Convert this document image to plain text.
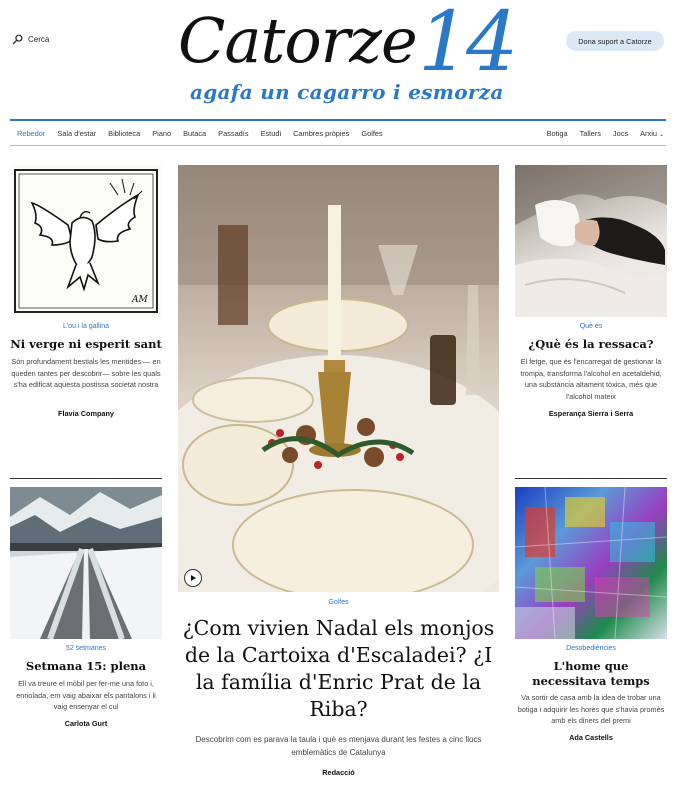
Cerca Catorze 14
agafa un cagarro i esmorza
Dona suport a Catorze
Rebedor Sala d'estar Biblioteca Piano Butaca Passadís Estudi Cambres pròpies Golfes	Botiga Tallers Jocs Arxiu ⌄
AM
L'ou i la gallina
Ni verge ni esperit sant
Són profundament bestials les mentides — en queden tantes per descobrir— sobre les quals s'ha edificat aquesta postissa societat nostra
Flavia Company
Què és
¿Què és la ressaca?
El fetge, que és l'encarregat de gestionar la trompa, transforma l'alcohol en acetaldehid, una substància altament tòxica, més que l'alcohol mateix
Esperança Sierra i Serra
Golfes
¿Com vivien Nadal els monjos de la Cartoixa d'Escaladei? ¿I la família d'Enric Prat de la Riba?
Descobrim com es parava la taula i què es menjava durant les festes a cinc llocs emblemàtics de Catalunya
Redacció
52 setmanes
Setmana 15: plena
Ell va treure el mòbil per fer-me una foto i, enriolada, em vaig abaixar els pantalons i li vaig ensenyar el cul
Carlota Gurt
Desobediències
L'home que necessitava temps
Va sortir de casa amb la idea de trobar una botiga i adquirir les hores que s'havia promès amb els diners del premi
Ada Castells
